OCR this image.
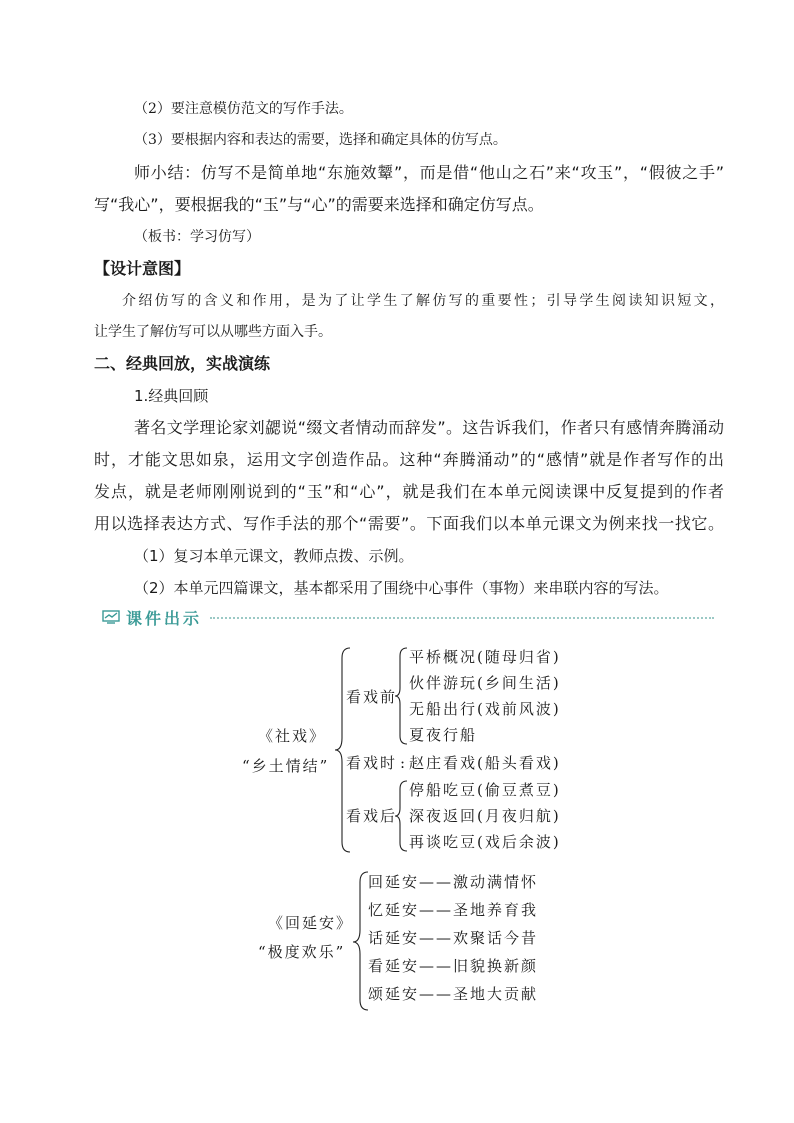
（2）要注意模仿范文的写作手法。
（3）要根据内容和表达的需要，选择和确定具体的仿写点。
师小结：仿写不是简单地“东施效颦”，而是借“他山之石”来“攻玉”，“假彼之手”
写“我心”，要根据我的“玉”与“心”的需要来选择和确定仿写点。
（板书：学习仿写）
【设计意图】
介绍仿写的含义和作用，是为了让学生了解仿写的重要性；引导学生阅读知识短文，
让学生了解仿写可以从哪些方面入手。
二、经典回放，实战演练
1.经典回顾
著名文学理论家刘勰说“缀文者情动而辞发”。这告诉我们，作者只有感情奔腾涌动
时，才能文思如泉，运用文字创造作品。这种“奔腾涌动”的“感情”就是作者写作的出
发点，就是老师刚刚说到的“玉”和“心”，就是我们在本单元阅读课中反复提到的作者
用以选择表达方式、写作手法的那个“需要”。下面我们以本单元课文为例来找一找它。
（1）复习本单元课文，教师点拨、示例。
（2）本单元四篇课文，基本都采用了围绕中心事件（事物）来串联内容的写法。
课件出示
《社戏》
“乡土情结”
看戏前
平桥概况(随母归省)
伙伴游玩(乡间生活)
无船出行(戏前风波)
夏夜行船
看戏时 : 赵庄看戏(船头看戏)
看戏后
停船吃豆(偷豆煮豆)
深夜返回(月夜归航)
再谈吃豆(戏后余波)
《回延安》
“极度欢乐”
回延安——激动满情怀
忆延安——圣地养育我
话延安——欢聚话今昔
看延安——旧貌换新颜
颂延安——圣地大贡献
